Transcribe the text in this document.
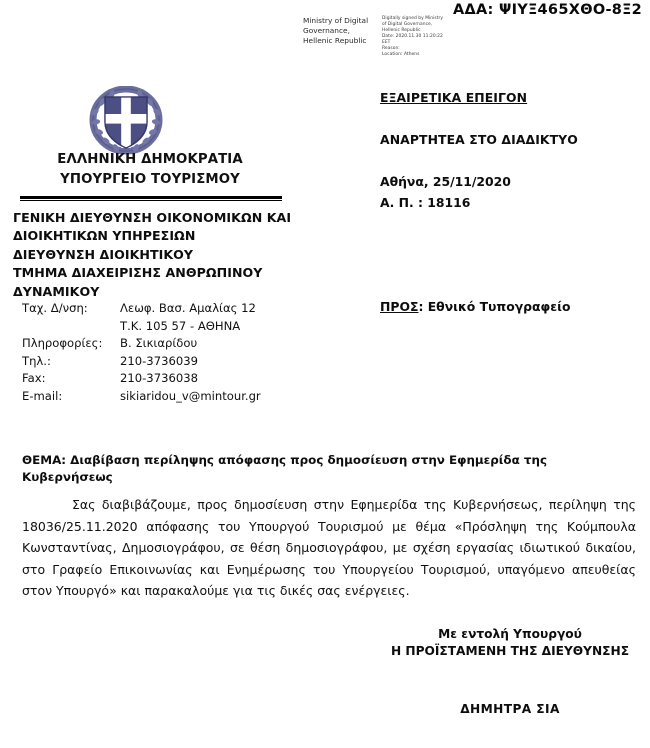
ΑΔΑ: ΨΙΥΞ465ΧΘΟ-8Ξ2
Ministry of Digital Governance, Hellenic Republic
Digitally signed by Ministry
of Digital Governance,
Hellenic Republic
Date: 2020.11.30 11:20:22
EET
Reason:
Location: Athens
ΕΛΛΗΝΙΚΗ ΔΗΜΟΚΡΑΤΙΑ
ΥΠΟΥΡΓΕΙΟ ΤΟΥΡΙΣΜΟΥ
ΓΕΝΙΚΗ ΔΙΕΥΘΥΝΣΗ ΟΙΚΟΝΟΜΙΚΩΝ ΚΑΙ
ΔΙΟΙΚΗΤΙΚΩΝ ΥΠΗΡΕΣΙΩΝ
ΔΙΕΥΘΥΝΣΗ ΔΙΟΙΚΗΤΙΚΟΥ
ΤΜΗΜΑ ΔΙΑΧΕΙΡΙΣΗΣ ΑΝΘΡΩΠΙΝΟΥ ΔΥΝΑΜΙΚΟΥ
Ταχ. Δ/νση:	Λεωφ. Βασ. Αμαλίας 12
Τ.Κ. 105 57 - ΑΘΗΝΑ
Πληροφορίες:	Β. Σικιαρίδου
Τηλ.:	210-3736039
Fax:	210-3736038
E-mail:	sikiaridou_v@mintour.gr
ΕΞΑΙΡΕΤΙΚΑ ΕΠΕΙΓΟΝ
ΑΝΑΡΤΗΤΕΑ ΣΤΟ ΔΙΑΔΙΚΤΥΟ
Αθήνα, 25/11/2020
Α. Π. : 18116
ΠΡΟΣ: Εθνικό Τυπογραφείο
ΘΕΜΑ: Διαβίβαση περίληψης απόφασης προς δημοσίευση στην Εφημερίδα της Κυβερνήσεως
Σας διαβιβάζουμε, προς δημοσίευση στην Εφημερίδα της Κυβερνήσεως, περίληψη της 18036/25.11.2020 απόφασης του Υπουργού Τουρισμού με θέμα «Πρόσληψη της Κούμπουλα Κωνσταντίνας, Δημοσιογράφου, σε θέση δημοσιογράφου, με σχέση εργασίας ιδιωτικού δικαίου, στο Γραφείο Επικοινωνίας και Ενημέρωσης του Υπουργείου Τουρισμού, υπαγόμενο απευθείας στον Υπουργό» και παρακαλούμε για τις δικές σας ενέργειες.
Με εντολή Υπουργού
Η ΠΡΟΪΣΤΑΜΕΝΗ ΤΗΣ ΔΙΕΥΘΥΝΣΗΣ
ΔΗΜΗΤΡΑ ΣΙΑ
